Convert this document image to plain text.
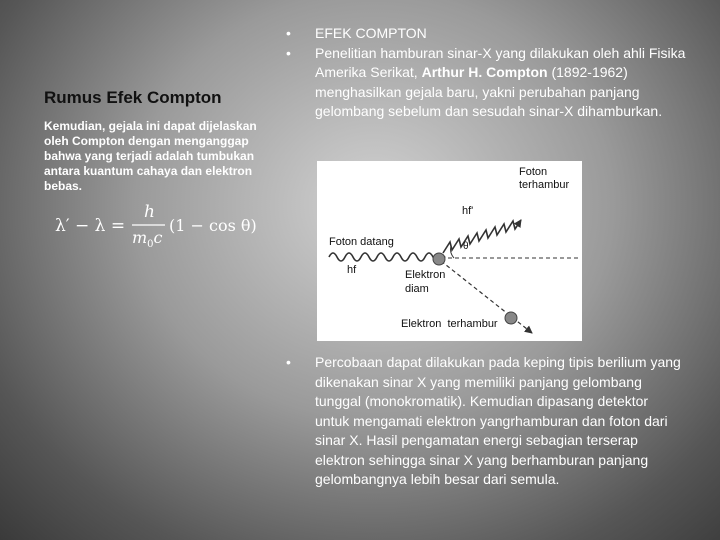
Rumus Efek Compton
Kemudian, gejala ini dapat dijelaskan oleh Compton dengan menganggap bahwa yang terjadi adalah tumbukan antara kuantum cahaya dan elektron bebas.
λ′ − λ =
h
$m_0c$
(1 − cos θ)
• EFEK COMPTON
• Penelitian hamburan sinar-X yang dilakukan oleh ahli Fisika Amerika Serikat, Arthur H. Compton (1892-1962) menghasilkan gejala baru, yakni perubahan panjang gelombang sebelum dan sesudah sinar-X dihamburkan.
Foton
terhambur
hf'
Foton datang	θ
hf	Elektron
diam
Elektron  terhambur
• Percobaan dapat dilakukan pada keping tipis berilium yang dikenakan sinar X yang memiliki panjang gelombang tunggal (monokromatik). Kemudian dipasang detektor untuk mengamati elektron yangrhamburan dan foton dari sinar X. Hasil pengamatan energi sebagian terserap elektron sehingga sinar X yang berhamburan panjang gelombangnya lebih besar dari semula.
